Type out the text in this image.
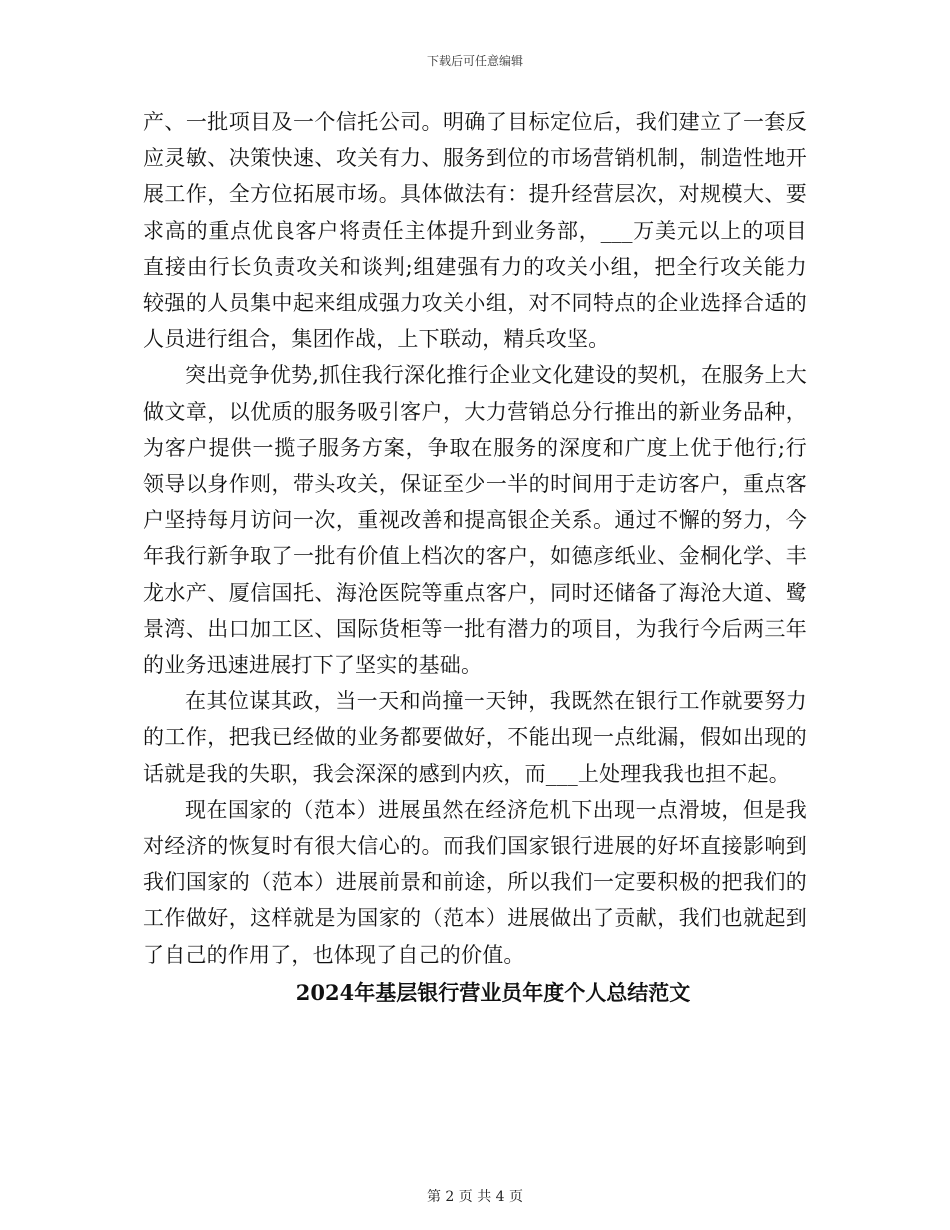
下载后可任意编辑

产、一批项目及一个信托公司。明确了目标定位后，我们建立了一套反应灵敏、决策快速、攻关有力、服务到位的市场营销机制，制造性地开展工作，全方位拓展市场。具体做法有：提升经营层次，对规模大、要求高的重点优良客户将责任主体提升到业务部，___万美元以上的项目直接由行长负责攻关和谈判;组建强有力的攻关小组，把全行攻关能力较强的人员集中起来组成强力攻关小组，对不同特点的企业选择合适的人员进行组合，集团作战，上下联动，精兵攻坚。

突出竞争优势,抓住我行深化推行企业文化建设的契机，在服务上大做文章，以优质的服务吸引客户，大力营销总分行推出的新业务品种，为客户提供一揽子服务方案，争取在服务的深度和广度上优于他行;行领导以身作则，带头攻关，保证至少一半的时间用于走访客户，重点客户坚持每月访问一次，重视改善和提高银企关系。通过不懈的努力，今年我行新争取了一批有价值上档次的客户，如德彦纸业、金桐化学、丰龙水产、厦信国托、海沧医院等重点客户，同时还储备了海沧大道、鹭景湾、出口加工区、国际货柜等一批有潜力的项目，为我行今后两三年的业务迅速进展打下了坚实的基础。

在其位谋其政，当一天和尚撞一天钟，我既然在银行工作就要努力的工作，把我已经做的业务都要做好，不能出现一点纰漏，假如出现的话就是我的失职，我会深深的感到内疚，而___上处理我我也担不起。

现在国家的（范本）进展虽然在经济危机下出现一点滑坡，但是我对经济的恢复时有很大信心的。而我们国家银行进展的好坏直接影响到我们国家的（范本）进展前景和前途，所以我们一定要积极的把我们的工作做好，这样就是为国家的（范本）进展做出了贡献，我们也就起到了自己的作用了，也体现了自己的价值。

2024年基层银行营业员年度个人总结范文
第 2 页 共 4 页
